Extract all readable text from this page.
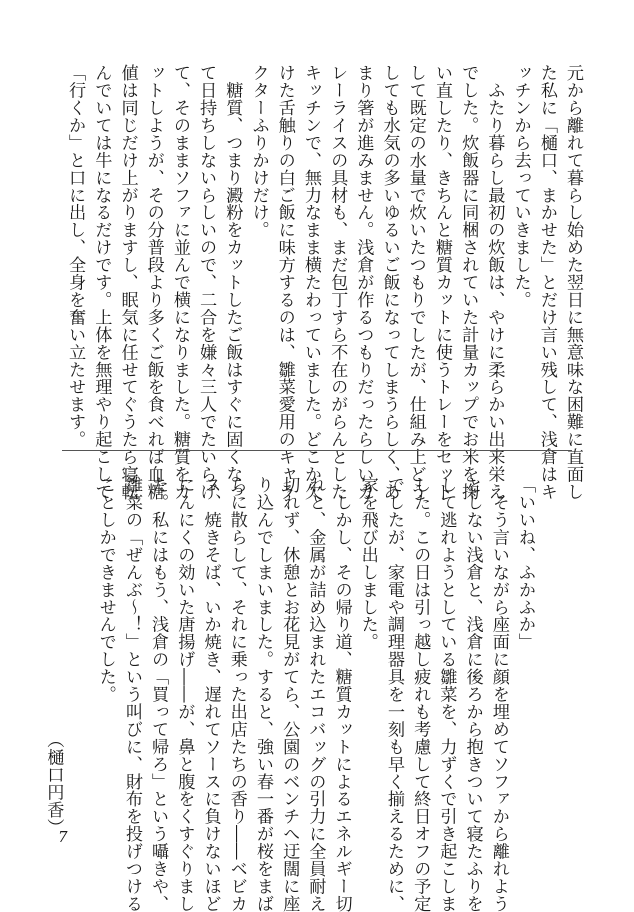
元から離れて暮らし始めた翌日に無意味な困難に直面し
た私に「樋口、まかせた」とだけ言い残して、浅倉はキ
ッチンから去っていきました。
　ふたり暮らし最初の炊飯は、やけに柔らかい出来栄え
でした。炊飯器に同梱されていた計量カップでお米を掬
い直したり、きちんと糖質カットに使うトレーをセット
して既定の水量で炊いたつもりでしたが、仕組み上どう
しても水気の多いゆるいご飯になってしまうらしく、あ
まり箸が進みません。浅倉が作るつもりだったらしいカ
レーライスの具材も、まだ包丁すら不在のがらんとした
キッチンで、無力なまま横たわっていました。どこか欠
けた舌触りの白ご飯に味方するのは、雛菜愛用のキャラ
クターふりかけだけ。
　糖質、つまり澱粉をカットしたご飯はすぐに固くなっ
て日持ちしないらしいので、二合を嫌々三人でたいらげ
て、そのままソファに並んで横になりました。糖質をカ
ットしようが、その分普段より多くご飯を食べれば血糖
値は同じだけ上がりますし、眠気に任せてぐうたら寝転
んでいては牛になるだけです。上体を無理やり起こして
「行くか」と口に出し、全身を奮い立たせます。
「いいね、ふかふか」
　そう言いながら座面に顔を埋めてソファから離れよう
としない浅倉と、浅倉に後ろから抱きついて寝たふりを
して逃れようとしている雛菜を、力ずくで引き起こしま
した。この日は引っ越し疲れも考慮して終日オフの予定
でしたが、家電や調理器具を一刻も早く揃えるために、
家を飛び出しました。
　しかし、その帰り道、糖質カットによるエネルギー切
れと、金属が詰め込まれたエコバッグの引力に全員耐え
切れず、休憩とお花見がてら、公園のベンチへ迂闊に座
り込んでしまいました。すると、強い春一番が桜をまば
らに散らして、それに乗った出店たちの香り――ベビカ
ス、焼きそば、いか焼き、遅れてソースに負けないほど
にんにくの効いた唐揚げ――が、鼻と腹をくすぐりまし
た。私にはもう、浅倉の「買って帰ろ」という囁きや、
雛菜の「ぜんぶ〜！」という叫びに、財布を投げつける
ことしかできませんでした。
（樋口円香）
7
